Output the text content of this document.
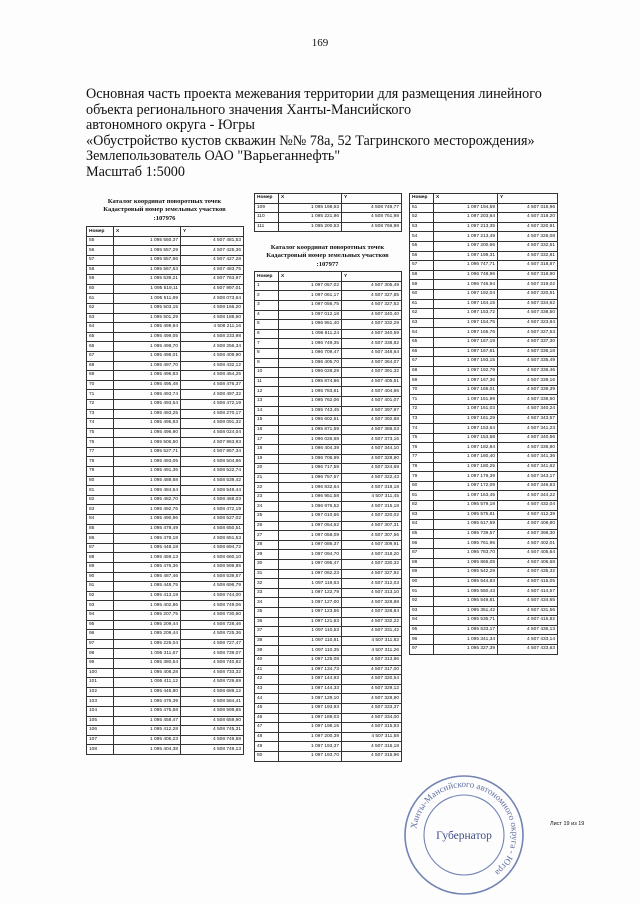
169
Основная часть проекта межевания территории для размещения линейного
объекта регионального значения Ханты-Мансийского
автономного округа - Югры
«Обустройство кустов скважин №№ 78а, 52 Тагринского месторождения»
Землепользователь ОАО "Варьеганнефть"
Масштаб 1:5000
Каталог координат поворотных точек
Кадастровый номер земельных участков
:107976
Номер	X	Y
55	1 095 550,37	4 507 481,53
56	1 095 557,29	4 507 425,36
57	1 095 557,96	4 507 427,28
58	1 095 567,53	4 507 483,75
59	1 095 539,21	4 507 763,97
60	1 095 519,11	4 507 997,01
61	1 095 511,69	4 508 073,64
62	1 095 503,15	4 508 166,20
63	1 095 501,29	4 508 188,60
64	1 095 499,94	4 508 211,16
65	1 095 499,05	4 508 233,98
66	1 095 498,70	4 508 256,34
67	1 095 498,01	4 508 409,90
68	1 095 497,70	4 508 432,12
69	1 095 496,83	4 508 454,25
70	1 095 495,48	4 508 476,37
71	1 095 493,74	4 508 497,32
72	1 095 493,54	4 508 472,19
73	1 095 493,25	4 508 270,17
74	1 095 495,83	4 508 091,32
75	1 095 496,90	4 508 024,04
76	1 095 506,50	4 507 963,93
77	1 095 527,71	4 507 957,34
78	1 095 493,05	4 508 504,86
79	1 095 491,36	4 508 522,74
80	1 095 488,68	4 508 539,42
81	1 095 484,64	4 508 549,44
82	1 095 482,70	4 508 468,03
83	1 095 492,76	4 508 472,19
84	1 095 490,96	4 508 527,02
85	1 095 479,49	4 508 650,51
86	1 095 478,18	4 508 651,53
87	1 095 448,18	4 508 694,72
88	1 095 459,13	4 508 660,10
89	1 095 476,36	4 508 599,85
90	1 095 487,46	4 508 539,57
91	1 095 448,75	4 508 696,79
92	1 095 413,19	4 508 744,00
93	1 095 402,86	4 508 749,06
94	1 095 207,75	4 508 730,60
95	1 095 209,44	4 508 728,46
96	1 095 209,44	4 508 725,36
97	1 095 225,04	4 508 727,47
98	1 095 311,67	4 508 739,07
99	1 095 380,54	4 508 740,82
100	1 095 408,28	4 508 733,32
101	1 095 411,12	4 508 729,69
102	1 095 445,80	4 508 689,12
103	1 095 476,39	4 508 584,41
104	1 095 475,58	4 508 599,65
105	1 095 458,47	4 508 659,90
106	1 095 412,28	4 508 745,31
107	1 095 406,23	4 508 749,58
108	1 095 404,38	4 508 749,13
Номер	X	Y
109	1 095 198,63	4 508 749,77
110	1 095 221,96	4 508 751,98
111	1 095 200,53	4 508 766,98
Каталог координат поворотных точек
Кадастровый номер земельных участков
:107977
Номер	X	Y
1	1 097 057,02	4 507 305,49
2	1 097 061,17	4 507 327,85
3	1 097 056,75	4 507 327,52
4	1 097 012,18	4 507 340,40
5	1 096 951,40	4 507 332,29
6	1 096 811,24	4 507 340,59
7	1 096 749,35	4 507 338,82
8	1 096 709,47	4 507 348,64
9	1 096 405,70	4 507 364,07
10	1 096 028,29	4 507 391,32
11	1 095 874,86	4 507 405,61
12	1 095 783,61	4 507 404,66
13	1 095 762,06	4 507 401,07
14	1 095 743,45	4 507 397,97
15	1 095 602,61	4 507 392,88
16	1 095 871,59	4 507 386,03
17	1 096 026,68	4 507 373,16
18	1 096 404,39	4 507 344,10
19	1 096 706,99	4 507 328,90
20	1 096 717,59	4 507 324,69
21	1 096 757,57	4 507 322,43
22	1 096 832,64	4 507 318,18
23	1 096 951,58	4 507 311,45
24	1 096 976,52	4 507 315,18
25	1 097 010,66	4 507 320,02
26	1 097 054,62	4 507 307,31
27	1 097 058,09	4 507 307,56
28	1 097 086,37	4 507 309,91
29	1 097 094,70	4 507 318,20
30	1 097 095,47	4 507 330,32
31	1 097 062,23	4 507 327,92
32	1 097 119,63	4 507 312,03
33	1 097 122,79	4 507 313,10
34	1 097 127,00	4 507 328,88
35	1 097 123,56	4 507 328,84
36	1 097 121,63	4 507 332,22
37	1 097 110,53	4 507 331,42
38	1 097 110,81	4 507 311,82
39	1 097 110,35	4 507 311,26
40	1 097 125,08	4 507 313,86
41	1 097 134,73	4 507 317,00
42	1 097 144,93	4 507 320,54
43	1 097 144,33	4 507 329,12
44	1 097 129,10	4 507 328,90
45	1 097 193,93	4 507 333,37
46	1 097 189,03	4 507 334,00
47	1 097 198,16	4 507 315,93
48	1 097 200,39	4 507 311,58
49	1 097 193,37	4 507 316,18
50	1 097 193,70	4 507 315,96
Номер	X	Y
51	1 097 194,59	4 507 315,96
52	1 097 203,64	4 507 318,20
53	1 097 213,35	4 507 320,91
54	1 097 213,49	4 507 326,08
55	1 097 200,66	4 507 332,51
56	1 097 198,31	4 507 332,81
57	1 096 747,71	4 507 318,87
58	1 096 748,96	4 507 318,90
59	1 096 746,94	4 507 319,02
60	1 097 192,04	4 507 320,51
61	1 097 164,15	4 507 334,62
62	1 097 153,72	4 507 338,50
63	1 097 154,75	4 507 323,84
64	1 097 165,76	4 507 327,53
65	1 097 167,19	4 507 337,30
66	1 097 167,61	4 507 336,18
67	1 097 193,15	4 507 335,49
68	1 097 192,79	4 507 336,46
69	1 097 167,36	4 507 339,16
70	1 097 166,01	4 507 339,39
71	1 097 161,99	4 507 338,50
72	1 097 161,03	4 507 340,24
73	1 097 161,29	4 507 343,57
74	1 097 153,64	4 507 341,23
75	1 097 153,58	4 507 340,56
76	1 097 182,84	4 507 336,80
77	1 097 180,40	4 507 341,36
78	1 097 180,25	4 507 341,62
79	1 097 179,39	4 507 343,17
80	1 097 172,09	4 507 346,63
81	1 097 163,45	4 507 344,22
82	1 095 579,18	4 507 432,04
83	1 095 575,81	4 507 412,39
84	1 095 617,59	4 507 408,80
85	1 095 739,57	4 507 398,30
86	1 095 761,95	4 507 402,01
87	1 095 783,70	4 507 405,64
88	1 095 865,05	4 507 406,68
89	1 095 542,29	4 507 435,32
90	1 095 544,83	4 507 415,05
91	1 095 550,43	4 507 414,57
92	1 095 549,81	4 507 434,65
93	1 095 351,42	4 507 431,56
94	1 095 535,71	4 507 415,82
95	1 095 533,17	4 507 436,13
96	1 095 341,34	4 507 433,14
97	1 095 327,39	4 507 433,63
Ханты-Мансийского автономного округа - Югра
Губернатор
Лист 19 из 19
